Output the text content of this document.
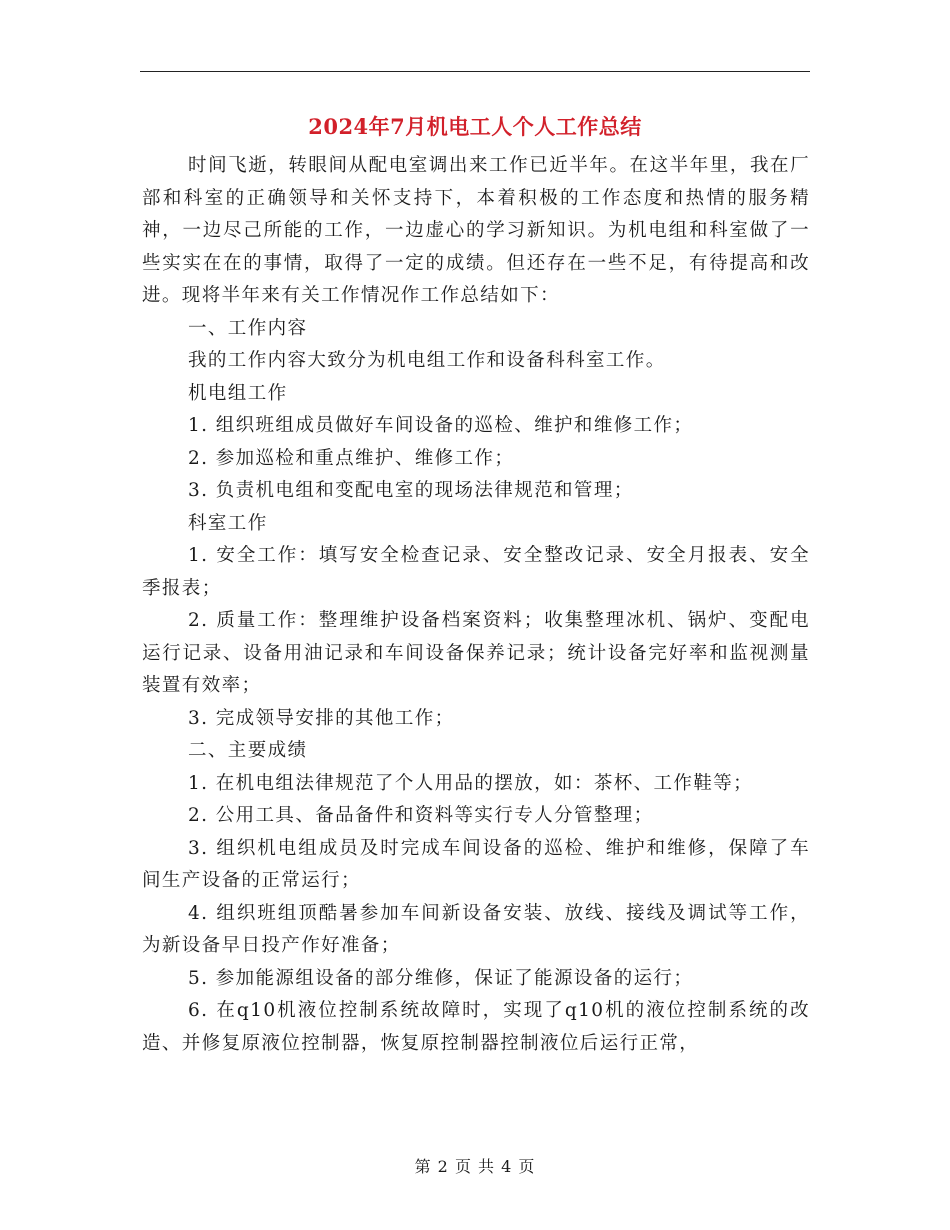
2024年7月机电工人个人工作总结

时间飞逝，转眼间从配电室调出来工作已近半年。在这半年里，我在厂部和科室的正确领导和关怀支持下，本着积极的工作态度和热情的服务精神，一边尽己所能的工作，一边虚心的学习新知识。为机电组和科室做了一些实实在在的事情，取得了一定的成绩。但还存在一些不足，有待提高和改进。现将半年来有关工作情况作工作总结如下：

一、工作内容

我的工作内容大致分为机电组工作和设备科科室工作。

机电组工作

1. 组织班组成员做好车间设备的巡检、维护和维修工作；

2. 参加巡检和重点维护、维修工作；

3. 负责机电组和变配电室的现场法律规范和管理；

科室工作

1. 安全工作：填写安全检查记录、安全整改记录、安全月报表、安全季报表；

2. 质量工作：整理维护设备档案资料；收集整理冰机、锅炉、变配电运行记录、设备用油记录和车间设备保养记录；统计设备完好率和监视测量装置有效率；

3. 完成领导安排的其他工作；

二、主要成绩

1. 在机电组法律规范了个人用品的摆放，如：茶杯、工作鞋等；

2. 公用工具、备品备件和资料等实行专人分管整理；

3. 组织机电组成员及时完成车间设备的巡检、维护和维修，保障了车间生产设备的正常运行；

4. 组织班组顶酷暑参加车间新设备安装、放线、接线及调试等工作，为新设备早日投产作好准备；

5. 参加能源组设备的部分维修，保证了能源设备的运行；

6. 在q10机液位控制系统故障时，实现了q10机的液位控制系统的改造、并修复原液位控制器，恢复原控制器控制液位后运行正常，

第 2 页 共 4 页
